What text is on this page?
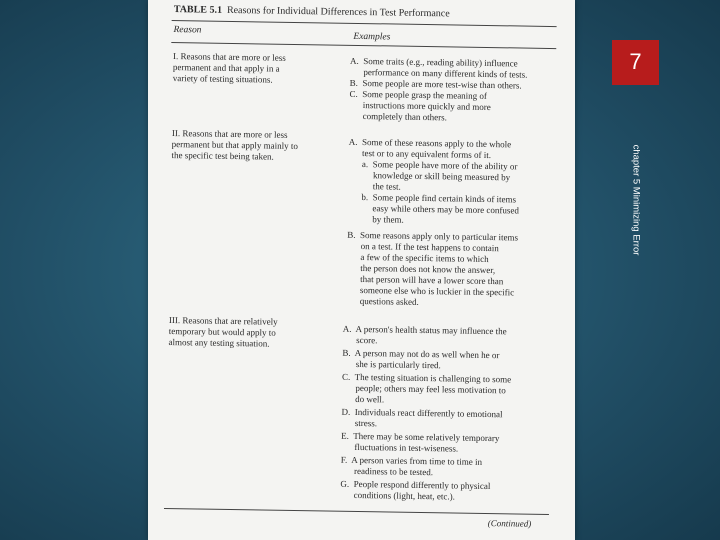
TABLE 5.1 Reasons for Individual Differences in Test Performance
Reason
Examples
I. Reasons that are more or less
permanent and that apply in a
variety of testing situations.
A.  Some traits (e.g., reading ability) influence
performance on many different kinds of tests.
B.  Some people are more test-wise than others.
C.  Some people grasp the meaning of
instructions more quickly and more
completely than others.
II. Reasons that are more or less
permanent but that apply mainly to
the specific test being taken.
A.  Some of these reasons apply to the whole
test or to any equivalent forms of it.
a.  Some people have more of the ability or
knowledge or skill being measured by
the test.
b.  Some people find certain kinds of items
easy while others may be more confused
by them.
B.  Some reasons apply only to particular items
on a test. If the test happens to contain
a few of the specific items to which
the person does not know the answer,
that person will have a lower score than
someone else who is luckier in the specific
questions asked.
III. Reasons that are relatively
temporary but would apply to
almost any testing situation.
A.  A person's health status may influence the
score.
B.  A person may not do as well when he or
she is particularly tired.
C.  The testing situation is challenging to some
people; others may feel less motivation to
do well.
D.  Individuals react differently to emotional
stress.
E.  There may be some relatively temporary
fluctuations in test-wiseness.
F.  A person varies from time to time in
readiness to be tested.
G.  People respond differently to physical
conditions (light, heat, etc.).
(Continued)
7
chapter 5 Minimizing Error
